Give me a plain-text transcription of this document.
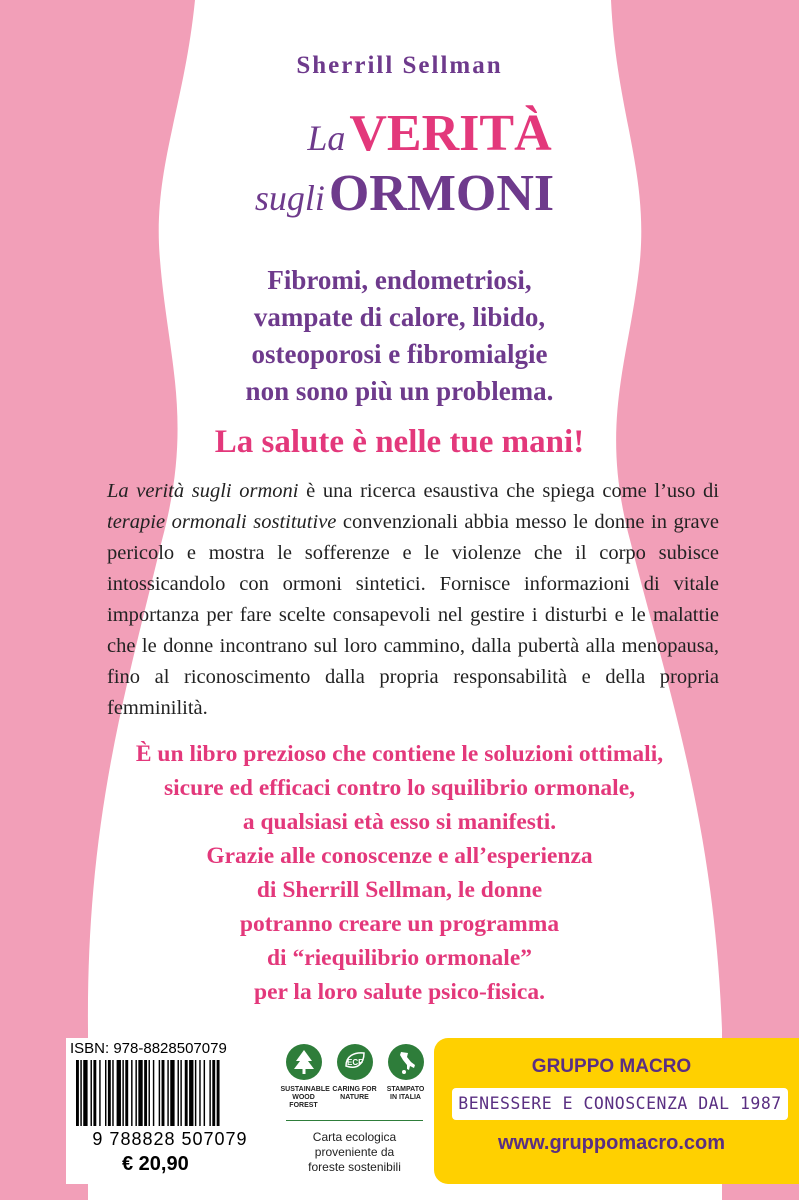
Sherrill Sellman
La VERITÀ
sugli ORMONI
Fibromi, endometriosi,
vampate di calore, libido,
osteoporosi e fibromialgie
non sono più un problema.
La salute è nelle tue mani!

La verità sugli ormoni è una ricerca esaustiva che spiega come l’uso di terapie ormonali sostitutive convenzionali abbia messo le donne in grave pericolo e mostra le sofferenze e le violenze che il corpo subisce intossicandolo con ormoni sintetici. Fornisce informazioni di vitale importanza per fare scelte consapevoli nel gestire i disturbi e le malattie che le donne incontrano sul loro cammino, dalla pubertà alla menopausa, fino al riconoscimento dalla propria responsabilità e della propria femminilità.

È un libro prezioso che contiene le soluzioni ottimali,
sicure ed efficaci contro lo squilibrio ormonale,
a qualsiasi età esso si manifesti.
Grazie alle conoscenze e all’esperienza
di Sherrill Sellman, le donne
potranno creare un programma
di “riequilibrio ormonale”
per la loro salute psico-fisica.
ISBN: 978-8828507079
9 788828 507079
€ 20,90
SUSTAINABLE
WOOD FOREST
ECF
CARING FOR
NATURE
STAMPATO
IN ITALIA
Carta ecologica
proveniente da
foreste sostenibili
GRUPPO MACRO
BENESSERE E CONOSCENZA DAL 1987
www.gruppomacro.com
